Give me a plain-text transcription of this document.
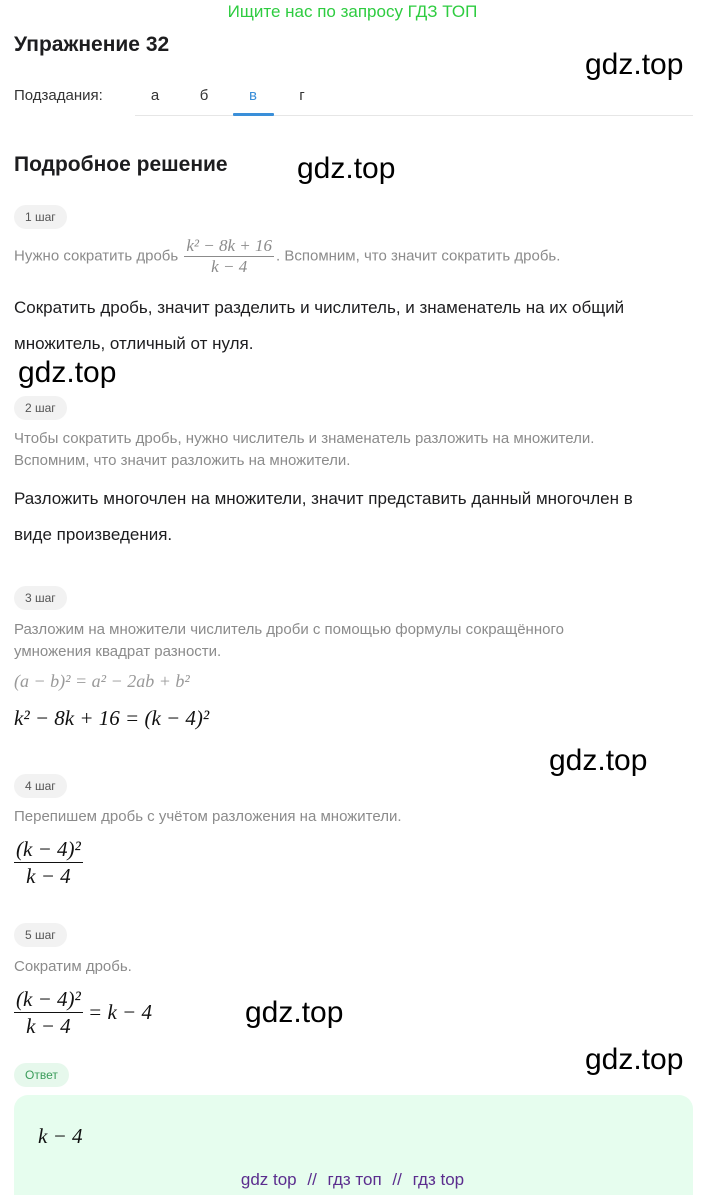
Ищите нас по запросу ГДЗ ТОП
Упражнение 32
gdz.top
Подзадания:	а	б	в	г
Подробное решение gdz.top
1 шаг
Нужно сократить дробь $\frac{\text{k² − 8k + 16}}{k - 4}$ . Вспомним, что значит сократить дробь.
Сократить дробь, значит разделить и числитель, и знаменатель на их общий
множитель, отличный от нуля.
gdz.top
2 шаг
Чтобы сократить дробь, нужно числитель и знаменатель разложить на множители.
Вспомним, что значит разложить на множители.
Разложить многочлен на множители, значит представить данный многочлен в
виде произведения.
3 шаг
Разложим на множители числитель дроби с помощью формулы сокращённого
умножения квадрат разности.
(a − b)² = a² − 2ab + b²
k² − 8k + 16 = (k − 4)²
gdz.top
4 шаг
Перепишем дробь с учётом разложения на множители.
$\frac{\text{(k − 4)²}}{k - 4}$
5 шаг
Сократим дробь.
$\frac{\text{(k − 4)²}}{k - 4} = k - 4$	gdz.top
gdz.top
Ответ
k − 4
gdz top // гдз топ // гдз top
